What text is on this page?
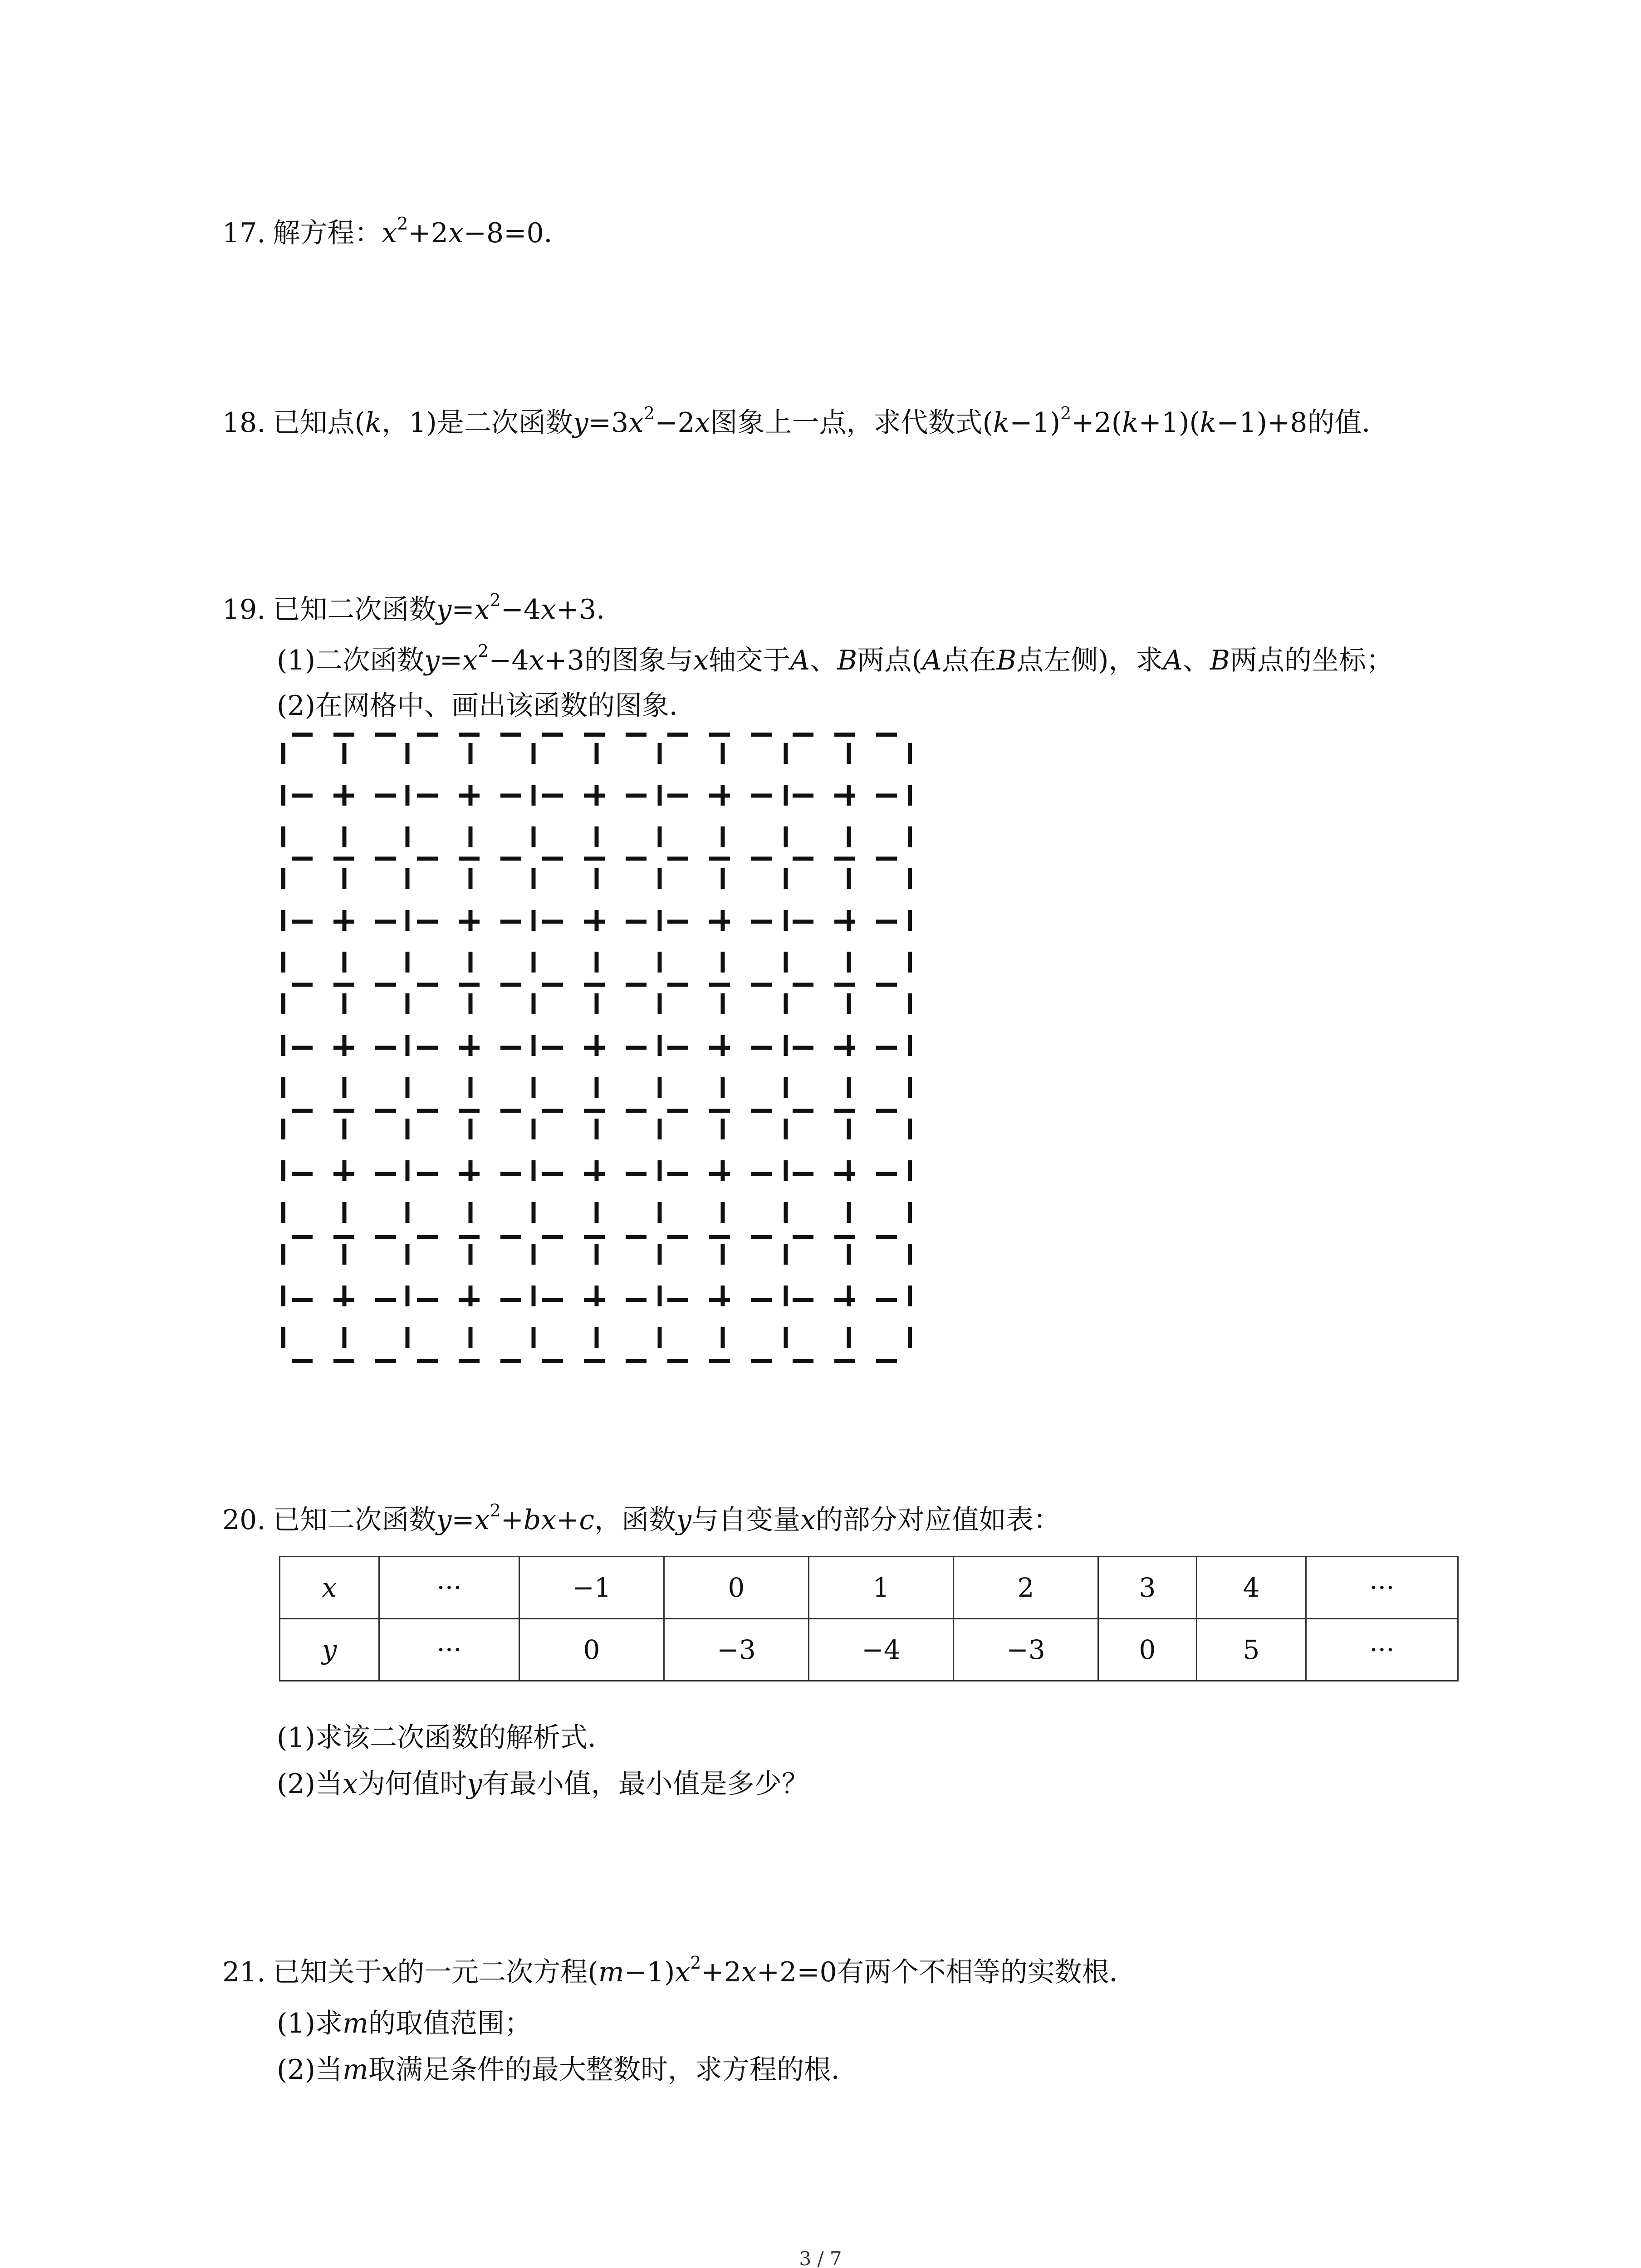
17. 解方程：$x^2+2x-8=0$．
18. 已知点(k，1)是二次函数$y=3x^2-2x$图象上一点，求代数式$(k-1)^2+2(k+1)(k-1)+8$的值．
19. 已知二次函数$y=x^2-4x+3$．
(1)二次函数$y=x^2-4x+3$的图象与x轴交于A、B两点(A点在B点左侧)，求A、B两点的坐标；
(2)在网格中、画出该函数的图象．
20. 已知二次函数$y=x^2+bx+c$，函数y与自变量x的部分对应值如表：
x	···	−1	0	1	2	3	4	···
y	···	0	−3	−4	−3	0	5	···
(1)求该二次函数的解析式．
(2)当x为何值时y有最小值，最小值是多少？
21. 已知关于x的一元二次方程$(m-1)x^2+2x+2=0$有两个不相等的实数根．
(1)求m的取值范围；
(2)当m取满足条件的最大整数时，求方程的根．
3 / 7
